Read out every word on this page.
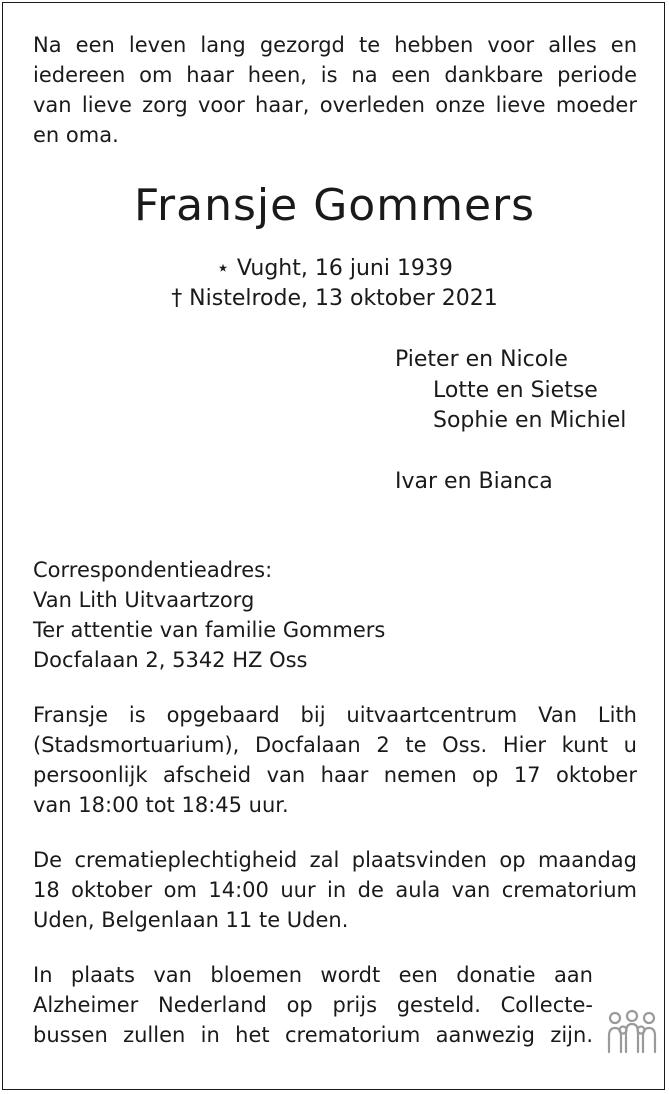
Na een leven lang gezorgd te hebben voor alles en
iedereen om haar heen, is na een dankbare periode
van lieve zorg voor haar, overleden onze lieve moeder
en oma.
Fransje Gommers
⋆ Vught, 16 juni 1939
† Nistelrode, 13 oktober 2021
Pieter en Nicole
Lotte en Sietse
Sophie en Michiel
Ivar en Bianca
Correspondentieadres:
Van Lith Uitvaartzorg
Ter attentie van familie Gommers
Docfalaan 2, 5342 HZ Oss
Fransje is opgebaard bij uitvaartcentrum Van Lith
(Stadsmortuarium), Docfalaan 2 te Oss. Hier kunt u
persoonlijk afscheid van haar nemen op 17 oktober
van 18:00 tot 18:45 uur.
De crematieplechtigheid zal plaatsvinden op maandag
18 oktober om 14:00 uur in de aula van crematorium
Uden, Belgenlaan 11 te Uden.
In plaats van bloemen wordt een donatie aan
Alzheimer Nederland op prijs gesteld. Collecte-
bussen zullen in het crematorium aanwezig zijn.
